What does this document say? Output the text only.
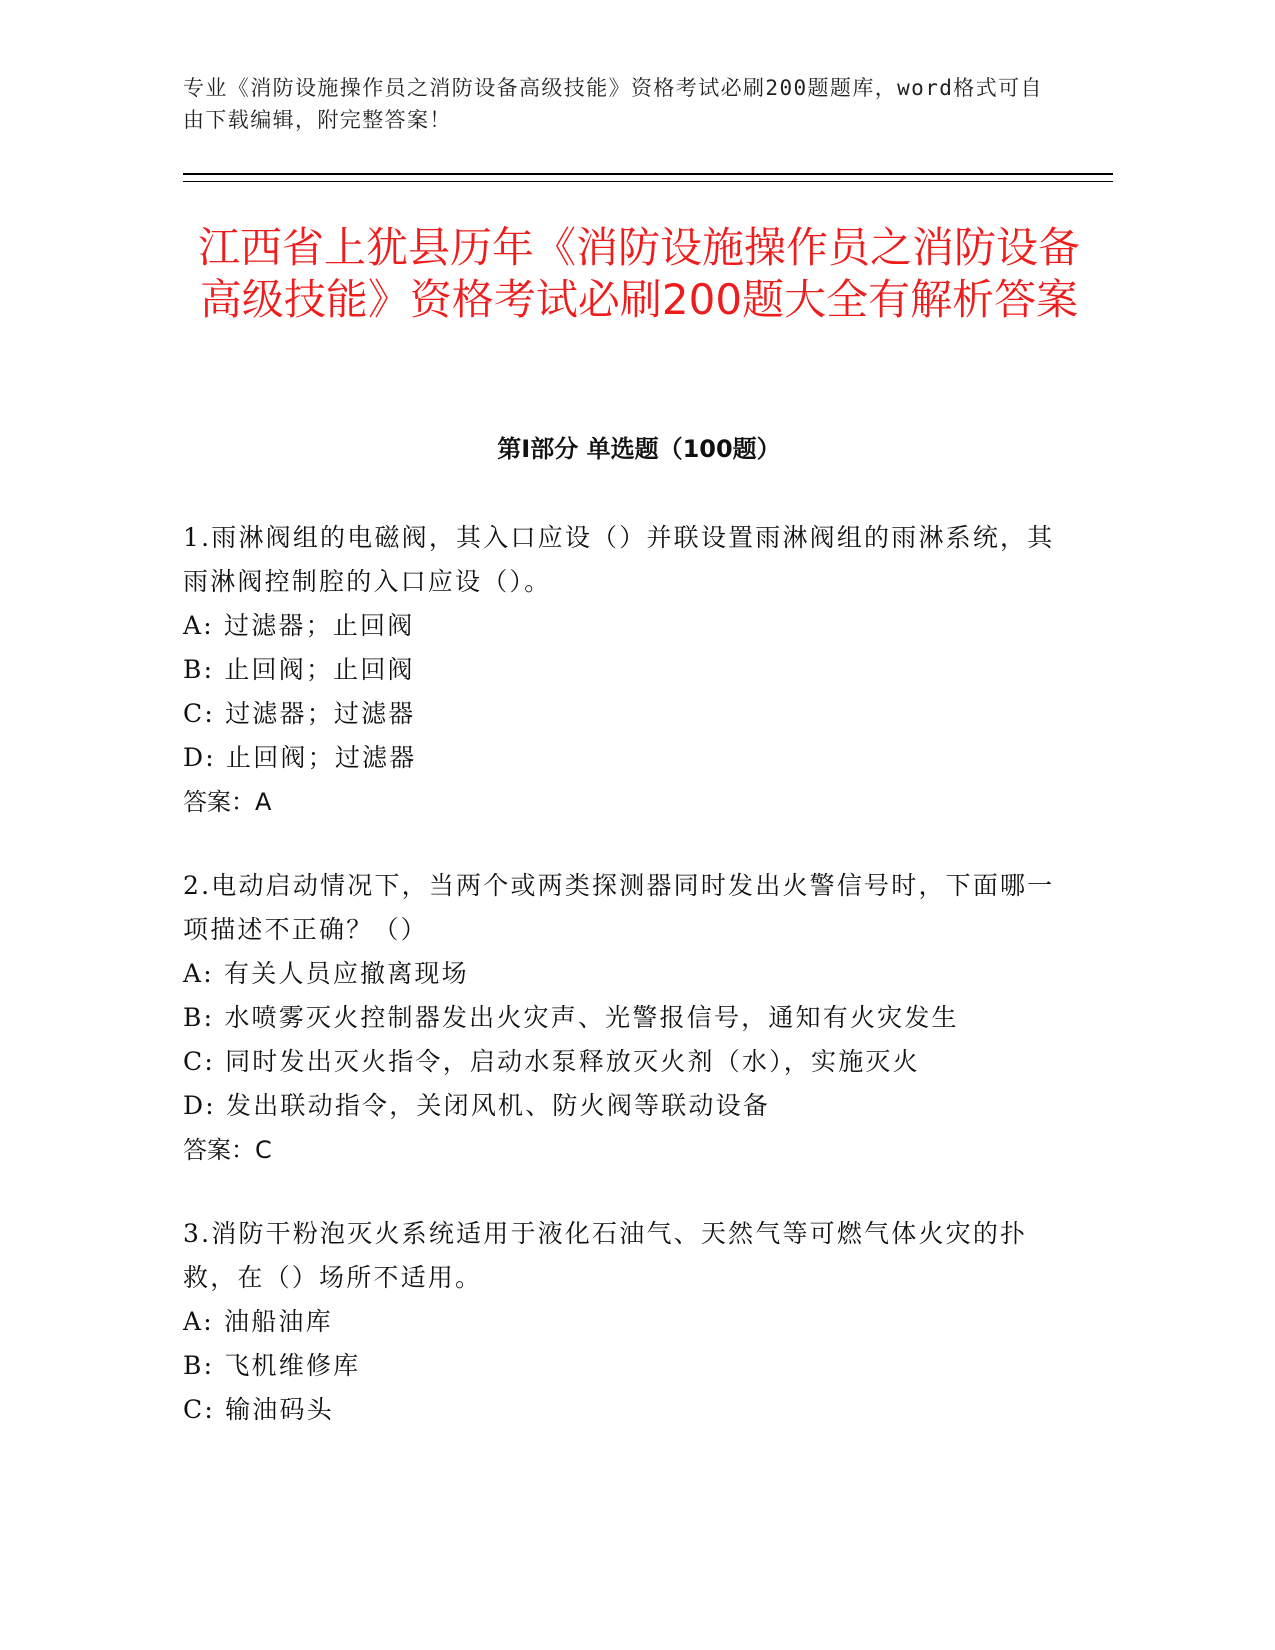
专业《消防设施操作员之消防设备高级技能》资格考试必刷200题题库，word格式可自由下载编辑，附完整答案！
江西省上犹县历年《消防设施操作员之消防设备高级技能》资格考试必刷200题大全有解析答案
第Ⅰ部分 单选题（100题）

1.雨淋阀组的电磁阀，其入口应设（）并联设置雨淋阀组的雨淋系统，其雨淋阀控制腔的入口应设（）。

A: 过滤器；止回阀

B: 止回阀；止回阀

C: 过滤器；过滤器

D: 止回阀；过滤器

答案：A

2.电动启动情况下，当两个或两类探测器同时发出火警信号时，下面哪一项描述不正确？（）

A: 有关人员应撤离现场

B: 水喷雾灭火控制器发出火灾声、光警报信号，通知有火灾发生

C: 同时发出灭火指令，启动水泵释放灭火剂（水），实施灭火

D: 发出联动指令，关闭风机、防火阀等联动设备

答案：C

3.消防干粉泡灭火系统适用于液化石油气、天然气等可燃气体火灾的扑救，在（）场所不适用。

A: 油船油库

B: 飞机维修库

C: 输油码头
